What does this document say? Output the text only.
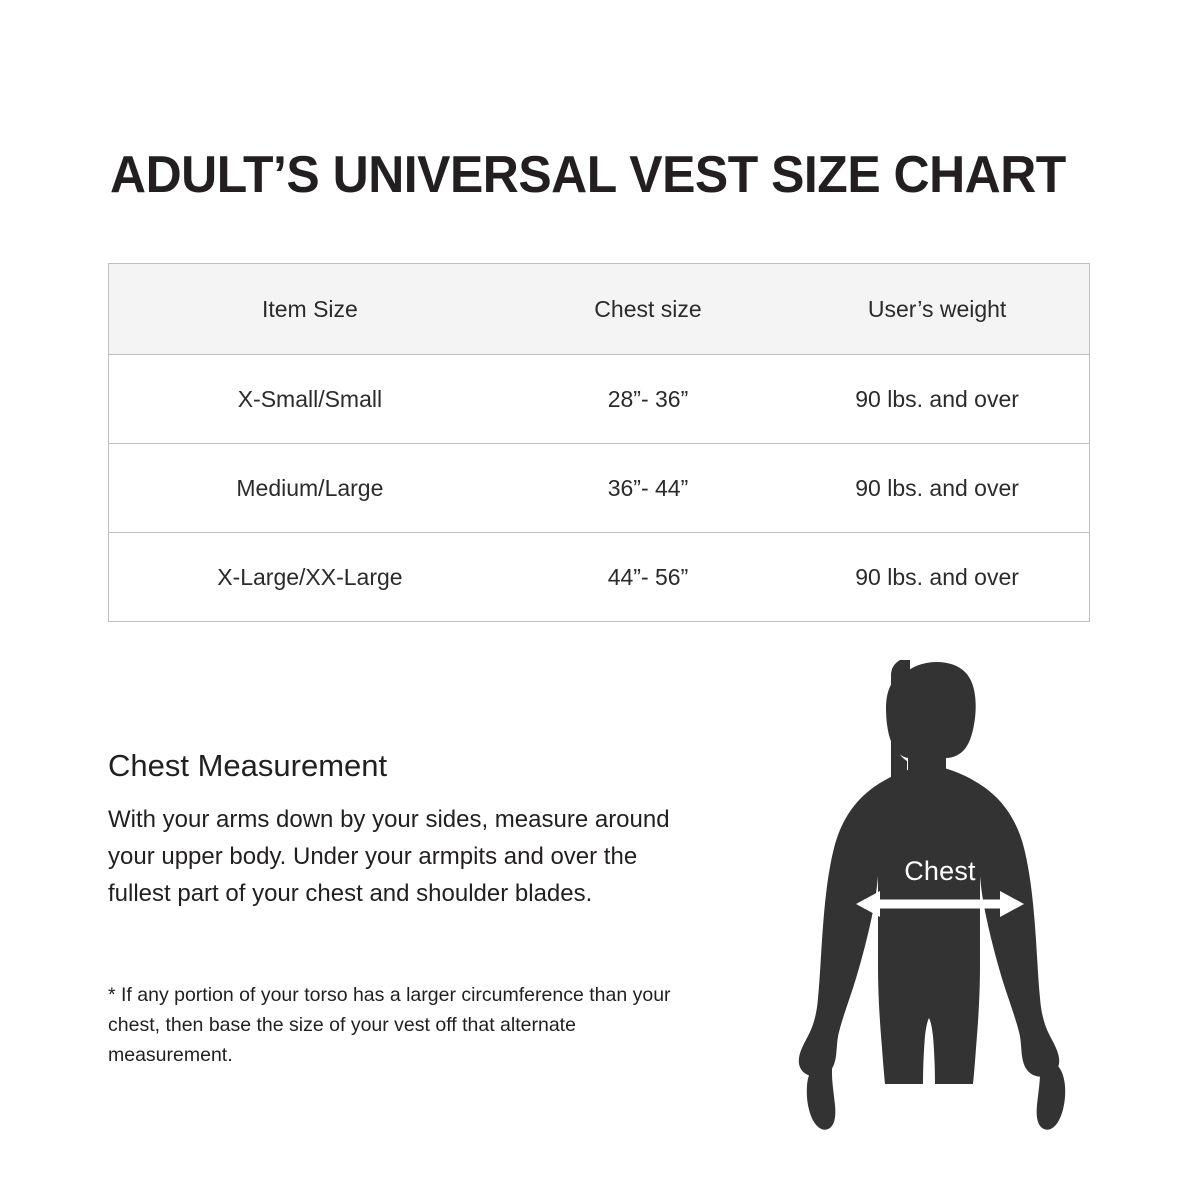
ADULT’S UNIVERSAL VEST SIZE CHART
Item Size	Chest size	User’s weight
X-Small/Small	28”- 36”	90 lbs. and over
Medium/Large	36”- 44”	90 lbs. and over
X-Large/XX-Large	44”- 56”	90 lbs. and over
Chest Measurement

With your arms down by your sides, measure around your upper body. Under your armpits and over the fullest part of your chest and shoulder blades.

* If any portion of your torso has a larger circumference than your chest, then base the size of your vest off that alternate measurement.

Chest
